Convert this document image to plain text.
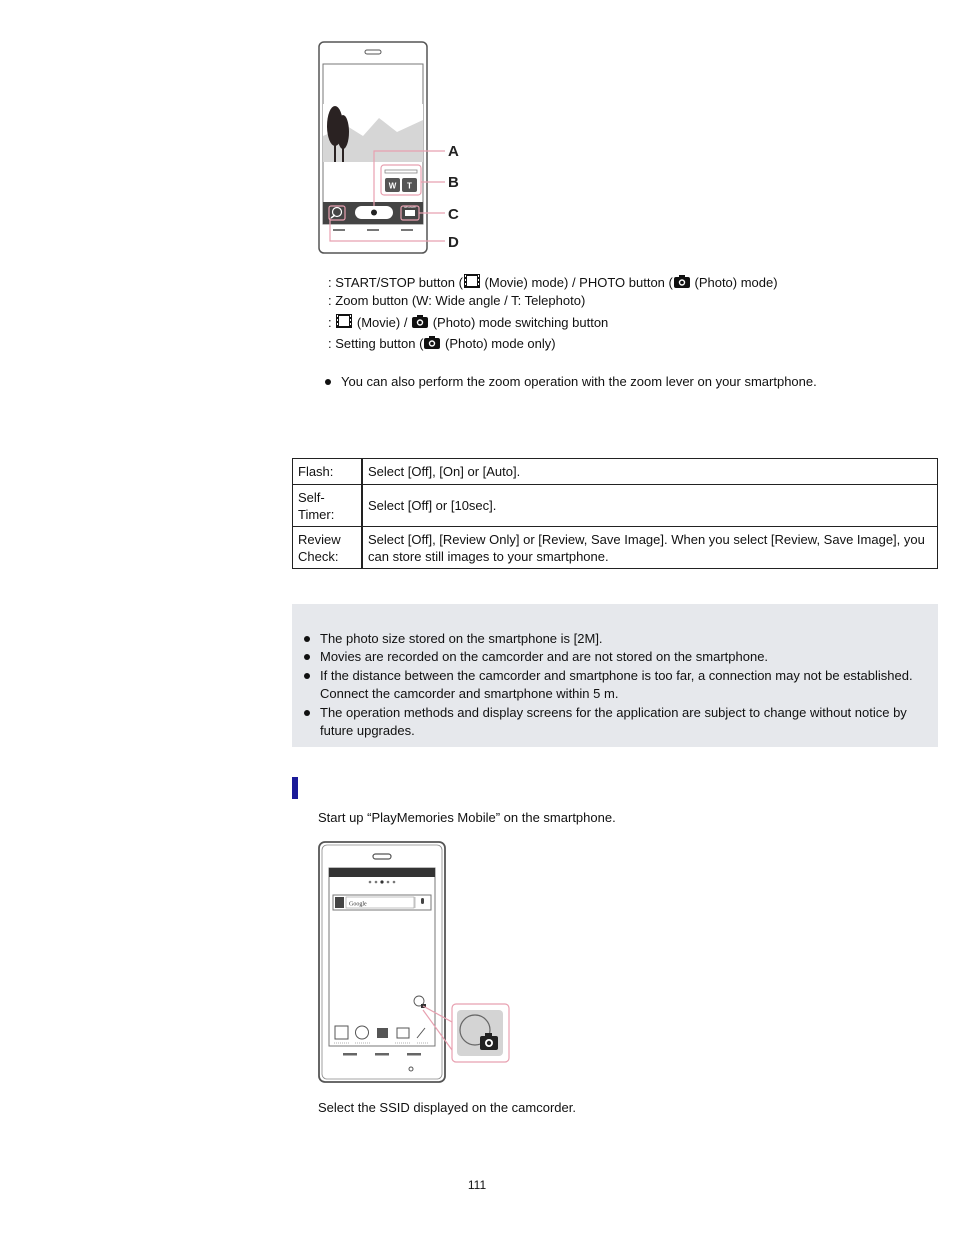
W T
MODE
A
B
C
D
: START/STOP button ( (Movie) mode) / PHOTO button ( (Photo) mode)
: Zoom button (W: Wide angle / T: Telephoto)
: (Movie) / (Photo) mode switching button
: Setting button ( (Photo) mode only)
You can also perform the zoom operation with the zoom lever on your smartphone.
Flash:	Select [Off], [On] or [Auto].
Self-
Timer:	Select [Off] or [10sec].
Review
Check:	Select [Off], [Review Only] or [Review, Save Image]. When you select [Review, Save Image], you can store still images to your smartphone.
The photo size stored on the smartphone is [2M].
Movies are recorded on the camcorder and are not stored on the smartphone.
If the distance between the camcorder and smartphone is too far, a connection may not be established. Connect the camcorder and smartphone within 5 m.
The operation methods and display screens for the application are subject to change without notice by future upgrades.
Start up “PlayMemories Mobile” on the smartphone.
Google
Select the SSID displayed on the camcorder.
111
